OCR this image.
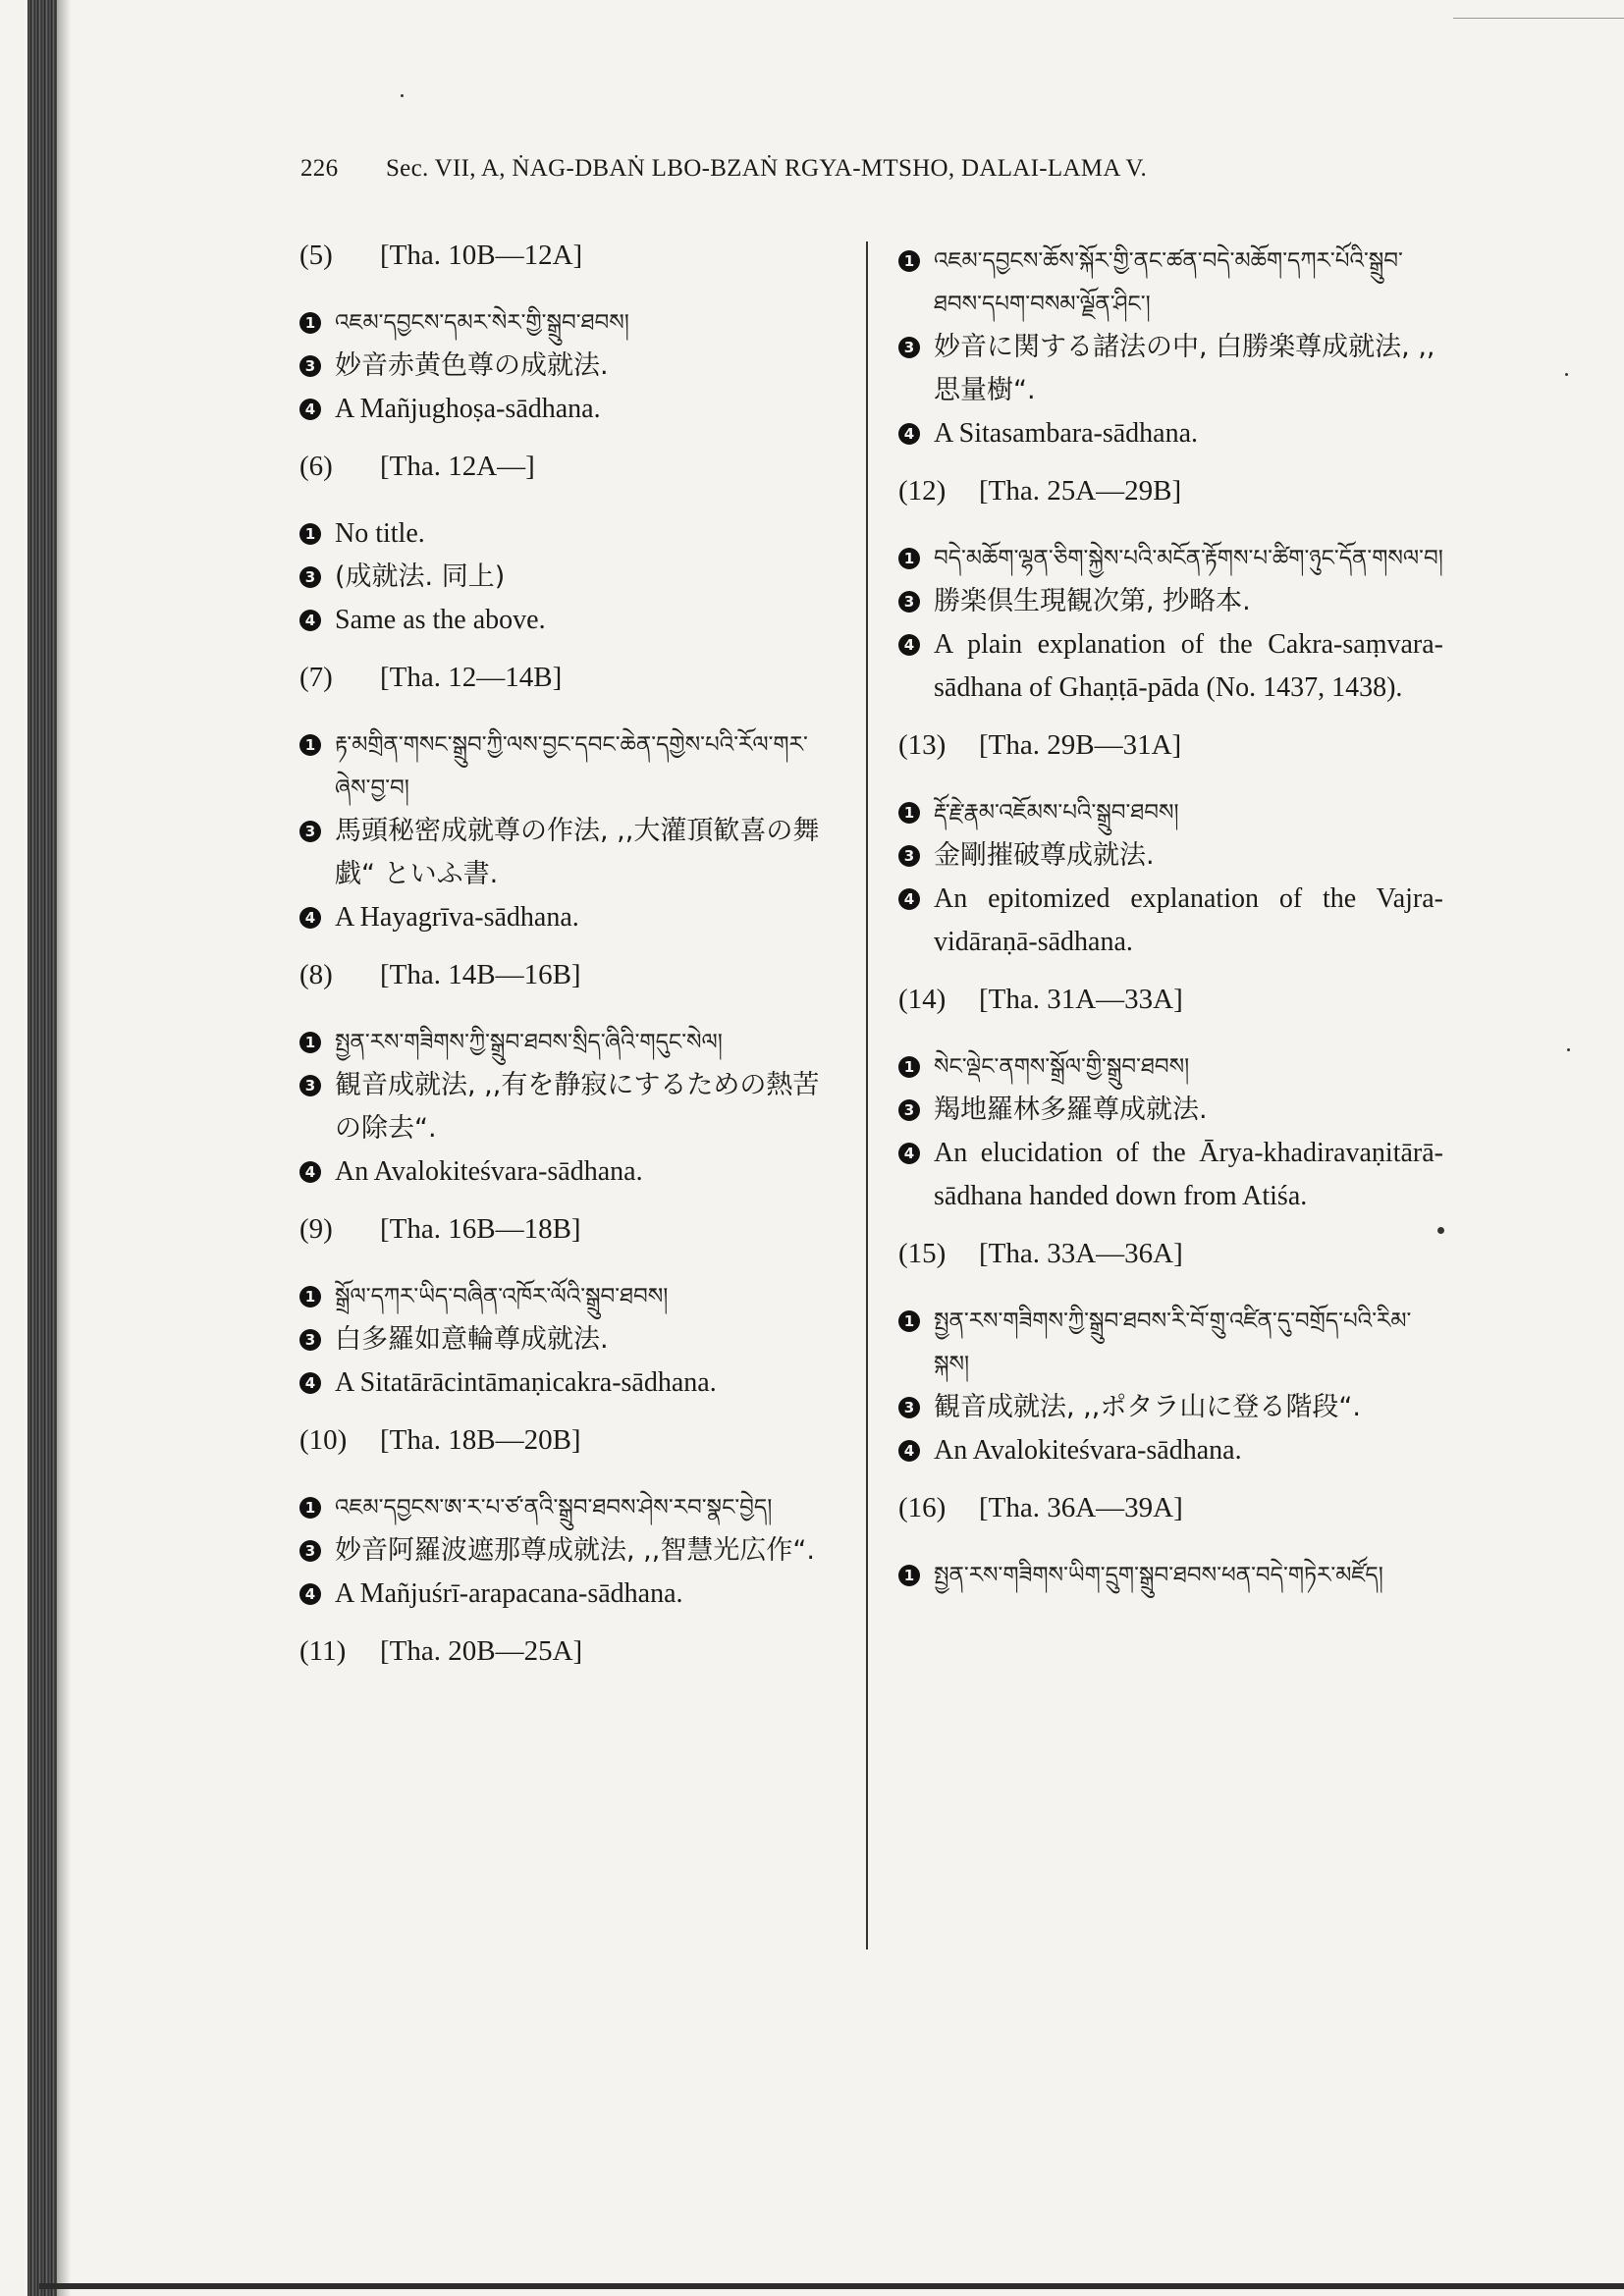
226 Sec. VII, A, ṄAG-DBAṄ LBO-BZAṄ RGYA-MTSHO, DALAI-LAMA V.
(5) [Tha. 10B—12A]
1 འཇམ་དབྱངས་དམར་སེར་གྱི་སྒྲུབ་ཐབས།
3 妙音赤黄色尊の成就法.
4 A Mañjughoṣa-sādhana.
(6) [Tha. 12A—]
1 No title.
3 (成就法. 同上)
4 Same as the above.
(7) [Tha. 12—14B]
1 རྟ་མགྲིན་གསང་སྒྲུབ་ཀྱི་ལས་བྱང་དབང་ཆེན་དགྱེས་པའི་རོལ་གར་ཞེས་བྱ་བ།
3 馬頭秘密成就尊の作法, ,,大灌頂歓喜の舞戯“ といふ書.
4 A Hayagrīva-sādhana.
(8) [Tha. 14B—16B]
1 སྤྱན་རས་གཟིགས་ཀྱི་སྒྲུབ་ཐབས་སྲིད་ཞིའི་གདུང་སེལ།
3 観音成就法, ,,有を静寂にするための熱苦の除去“.
4 An Avalokiteśvara-sādhana.
(9) [Tha. 16B—18B]
1 སྒྲོལ་དཀར་ཡིད་བཞིན་འཁོར་ལོའི་སྒྲུབ་ཐབས།
3 白多羅如意輪尊成就法.
4 A Sitatārācintāmaṇicakra-sādhana.
(10) [Tha. 18B—20B]
1 འཇམ་དབྱངས་ཨ་ར་པ་ཙ་ནའི་སྒྲུབ་ཐབས་ཤེས་རབ་སྣང་བྱེད།
3 妙音阿羅波遮那尊成就法, ,,智慧光広作“.
4 A Mañjuśrī-arapacana-sādhana.
(11) [Tha. 20B—25A]
1 འཇམ་དབྱངས་ཆོས་སྐོར་གྱི་ནང་ཚན་བདེ་མཆོག་དཀར་པོའི་སྒྲུབ་ཐབས་དཔག་བསམ་ལྗོན་ཤིང་།
3 妙音に関する諸法の中, 白勝楽尊成就法, ,,思量樹“.
4 A Sitasambara-sādhana.
(12) [Tha. 25A—29B]
1 བདེ་མཆོག་ལྷན་ཅིག་སྐྱེས་པའི་མངོན་རྟོགས་པ་ཚིག་ཉུང་དོན་གསལ་བ།
3 勝楽倶生現観次第, 抄略本.
4 A plain explanation of the Cakra-saṃvara-sādhana of Ghaṇṭā-pāda (No. 1437, 1438).
(13) [Tha. 29B—31A]
1 རྡོ་རྗེ་རྣམ་འཇོམས་པའི་སྒྲུབ་ཐབས།
3 金剛摧破尊成就法.
4 An epitomized explanation of the Vajra-vidāraṇā-sādhana.
(14) [Tha. 31A—33A]
1 སེང་ལྡེང་ནགས་སྒྲོལ་གྱི་སྒྲུབ་ཐབས།
3 羯地羅林多羅尊成就法.
4 An elucidation of the Ārya-khadiravaṇitārā-sādhana handed down from Atiśa.
(15) [Tha. 33A—36A]
1 སྤྱན་རས་གཟིགས་ཀྱི་སྒྲུབ་ཐབས་རི་བོ་གྲུ་འཛིན་དུ་བགྲོད་པའི་རིམ་སྐས།
3 観音成就法, ,,ポタラ山に登る階段“.
4 An Avalokiteśvara-sādhana.
(16) [Tha. 36A—39A]
1 སྤྱན་རས་གཟིགས་ཡིག་དྲུག་སྒྲུབ་ཐབས་ཕན་བདེ་གཏེར་མཛོད།
